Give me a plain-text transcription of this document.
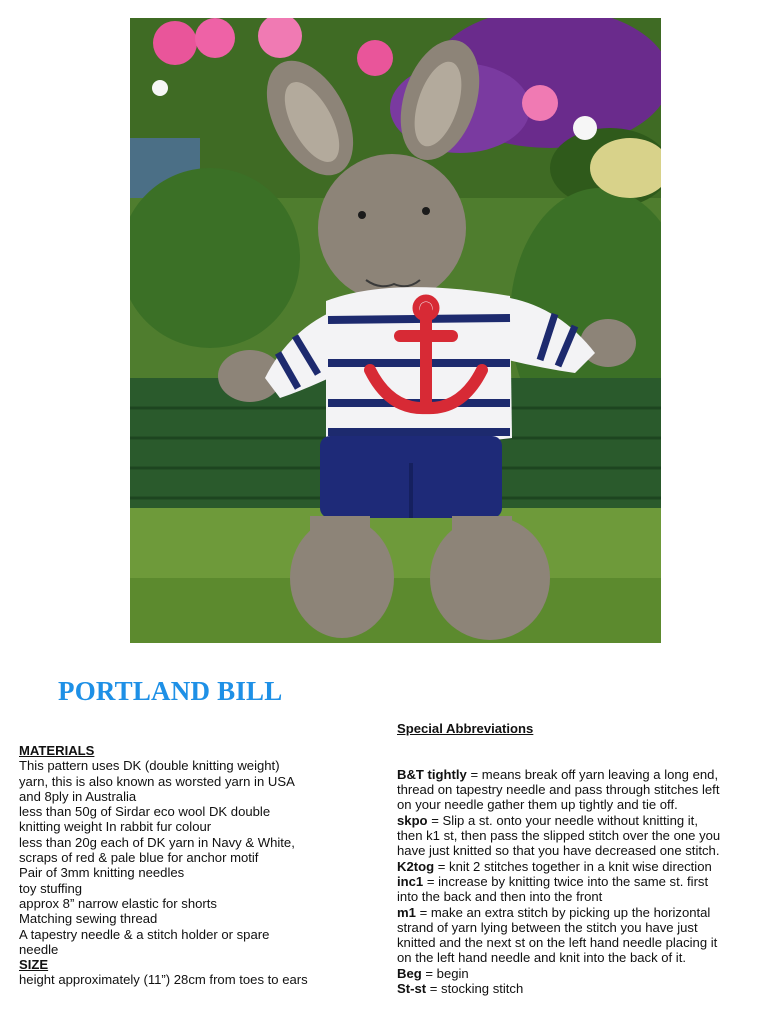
PORTLAND BILL

MATERIALS

This pattern uses DK (double knitting weight)

yarn, this is also known as worsted yarn in USA

and 8ply in Australia

less than 50g of Sirdar eco wool DK double

knitting weight In rabbit fur colour

less than 20g each of DK yarn in Navy & White,

scraps of red & pale blue for anchor motif

Pair of 3mm knitting needles

toy stuffing

approx 8” narrow elastic for shorts

Matching sewing thread

A tapestry needle & a stitch holder or spare

needle

SIZE

height approximately (11”) 28cm from toes to ears

Special Abbreviations

B&T tightly = means break off yarn leaving a long end,

thread on tapestry needle and pass through stitches left

on your needle gather them up tightly and tie off.

skpo = Slip a st. onto your needle without knitting it,

then k1 st, then pass the slipped stitch over the one you

have just knitted so that you have decreased one stitch.

K2tog = knit 2 stitches together in a knit wise direction

inc1 = increase by knitting twice into the same st. first

into the back and then into the front

m1 = make an extra stitch by picking up the horizontal

strand of yarn lying between the stitch you have just

knitted and the next st on the left hand needle placing it

on the left hand needle and knit into the back of it.

Beg = begin

St-st = stocking stitch
